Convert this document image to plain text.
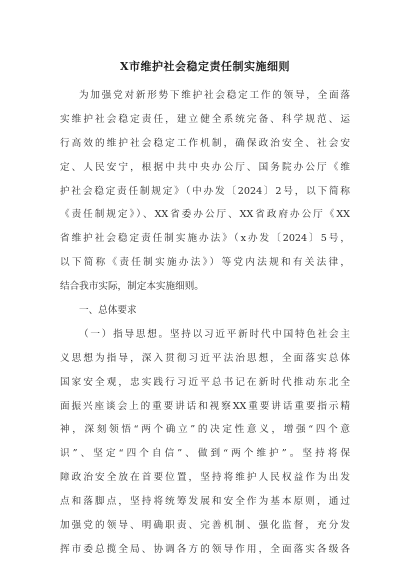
X市维护社会稳定责任制实施细则
为加强党对新形势下维护社会稳定工作的领导，全面落
实维护社会稳定责任，建立健全系统完备、科学规范、运
行高效的维护社会稳定工作机制，确保政治安全、社会安
定、人民安宁，根据中共中央办公厅、国务院办公厅《维
护社会稳定责任制规定》（中办发〔2024〕2号，以下简称
《责任制规定》）、XX省委办公厅、XX省政府办公厅《XX
省维护社会稳定责任制实施办法》（x办发〔2024〕5号，
以下简称《责任制实施办法》）等党内法规和有关法律，
结合我市实际，制定本实施细则。
一、总体要求
（一）指导思想。坚持以习近平新时代中国特色社会主
义思想为指导，深入贯彻习近平法治思想，全面落实总体
国家安全观，忠实践行习近平总书记在新时代推动东北全
面振兴座谈会上的重要讲话和视察XX重要讲话重要指示精
神，深刻领悟“两个确立”的决定性意义，增强“四个意
识”、坚定“四个自信”、做到“两个维护”。坚持将保
障政治安全放在首要位置，坚持将维护人民权益作为出发
点和落脚点，坚持将统筹发展和安全作为基本原则，通过
加强党的领导、明确职责、完善机制、强化监督，充分发
挥市委总揽全局、协调各方的领导作用，全面落实各级各
